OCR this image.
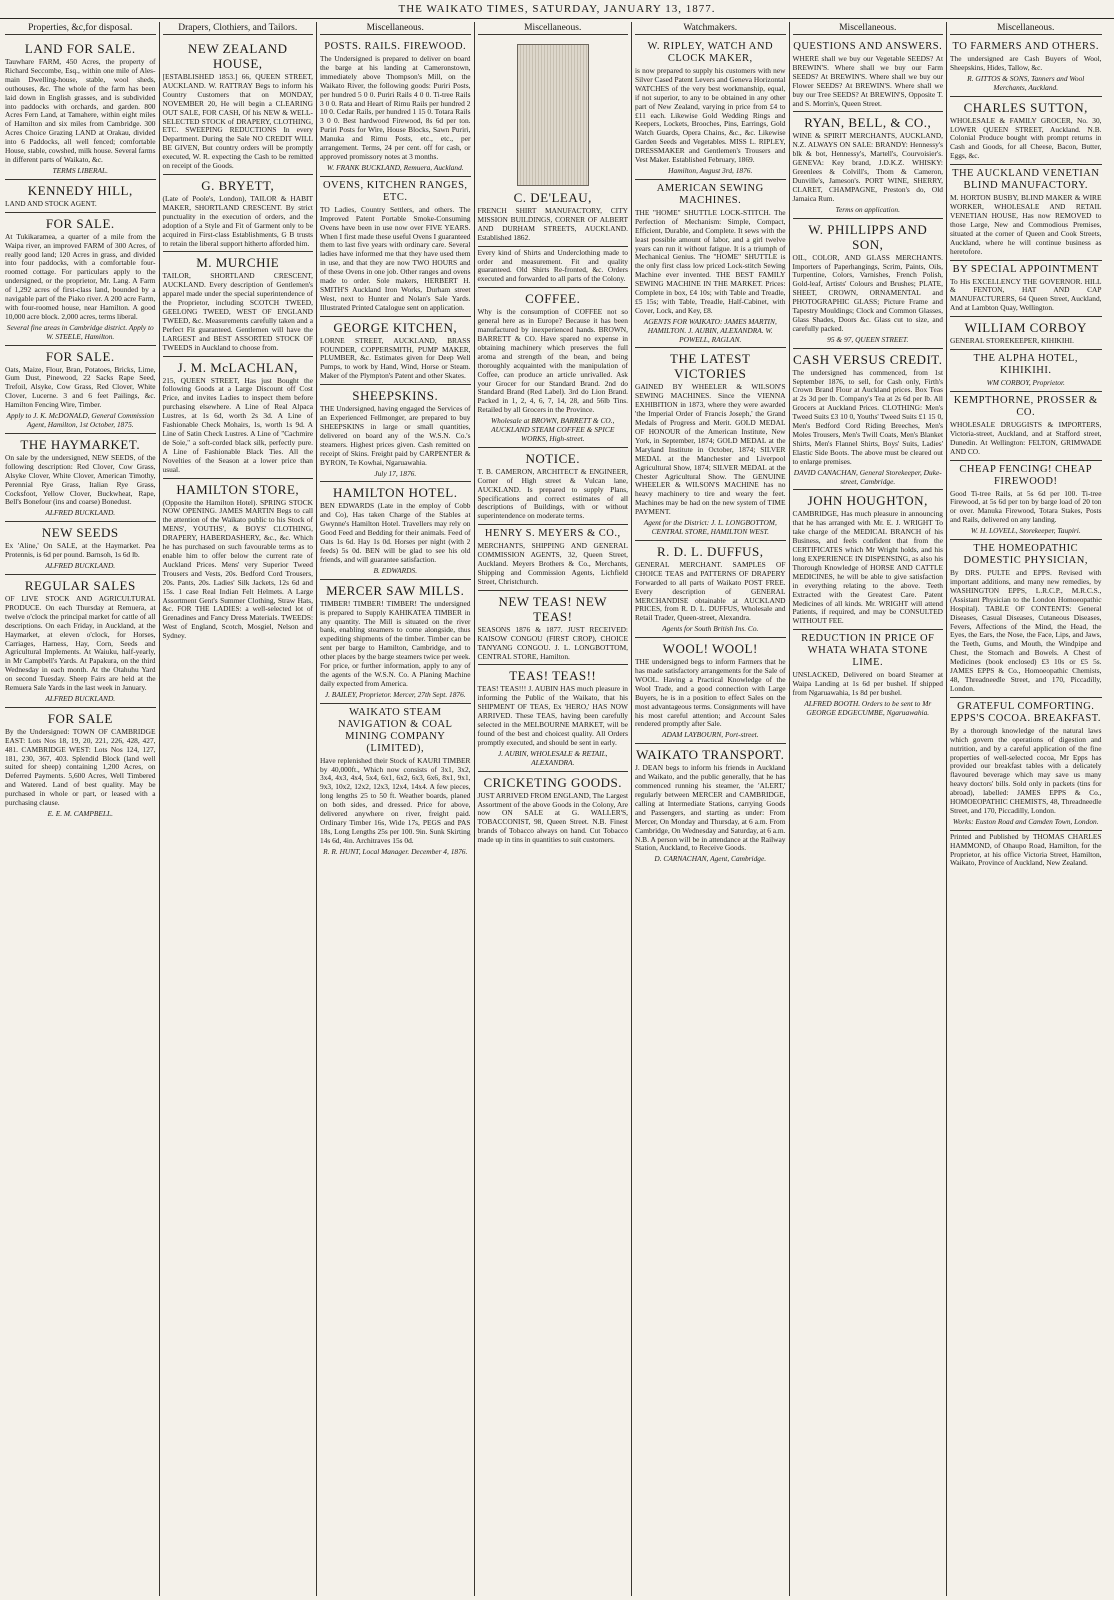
THE WAIKATO TIMES, SATURDAY, JANUARY 13, 1877.
Properties, &c,for disposal.

LAND FOR SALE.

Tauwhare FARM, 450 Acres, the property of Richard Seccombe, Esq., within one mile of Ales-main Dwelling-house, stable, wool sheds, outhouses, &c. The whole of the farm has been laid down in English grasses, and is subdivided into paddocks with orchards, and garden. 800 Acres Fern Land, at Tamahere, within eight miles of Hamilton and six miles from Cambridge. 300 Acres Choice Grazing LAND at Orakau, divided into 6 Paddocks, all well fenced; comfortable House, stable, cowshed, milk house. Several farms in different parts of Waikato, &c.

TERMS LIBERAL.

KENNEDY HILL,

LAND AND STOCK AGENT.

FOR SALE.

At Tukikaramea, a quarter of a mile from the Waipa river, an improved FARM of 300 Acres, of really good land; 120 Acres in grass, and divided into four paddocks, with a comfortable four-roomed cottage. For particulars apply to the undersigned, or the proprietor, Mr. Lang. A Farm of 1,292 acres of first-class land, bounded by a navigable part of the Piako river. A 200 acre Farm, with four-roomed house, near Hamilton. A good 10,000 acre block. 2,000 acres, terms liberal.

Several fine areas in Cambridge district. Apply to W. STEELE, Hamilton.

FOR SALE.

Oats, Maize, Flour, Bran, Potatoes, Bricks, Lime, Gum Dust, Pinewood, 22 Sacks Rape Seed, Trefoil, Alsyke, Cow Grass, Red Clover, White Clover, Lucerne. 3 and 6 feet Pailings, &c. Hamilton Fencing Wire, Timber.

Apply to J. K. McDONALD, General Commission Agent, Hamilton, 1st October, 1875.

THE HAYMARKET.

On sale by the undersigned, NEW SEEDS, of the following description: Red Clover, Cow Grass, Alsyke Clover, White Clover, American Timothy, Perennial Rye Grass, Italian Rye Grass, Cocksfoot, Yellow Clover, Buckwheat, Rape, Bell's Bonefour (ins and coarse) Bonedust.

ALFRED BUCKLAND.

NEW SEEDS

Ex 'Aline,' On SALE, at the Haymarket. Pea Protennis, is 6d per pound. Barnsoh, 1s 6d lb.

ALFRED BUCKLAND.

REGULAR SALES

OF LIVE STOCK AND AGRICULTURAL PRODUCE. On each Thursday at Remuera, at twelve o'clock the principal market for cattle of all descriptions. On each Friday, in Auckland, at the Haymarket, at eleven o'clock, for Horses, Carriages, Harness, Hay, Corn, Seeds and Agricultural Implements. At Waiuku, half-yearly, in Mr Campbell's Yards. At Papakura, on the third Wednesday in each month. At the Otahuhu Yard on second Tuesday. Sheep Fairs are held at the Remuera Sale Yards in the last week in January.

ALFRED BUCKLAND.

FOR SALE

By the Undersigned: TOWN OF CAMBRIDGE EAST: Lots Nos 18, 19, 20, 221, 226, 428, 427, 481. CAMBRIDGE WEST: Lots Nos 124, 127, 181, 230, 367, 403. Splendid Block (land well suited for sheep) containing 1,200 Acres, on Deferred Payments. 5,600 Acres, Well Timbered and Watered. Land of best quality. May be purchased in whole or part, or leased with a purchasing clause.

E. E. M. CAMPBELL.

Drapers, Clothiers, and Tailors.

NEW ZEALAND HOUSE,

[ESTABLISHED 1853.] 66, QUEEN STREET, AUCKLAND. W. RATTRAY Begs to inform his Country Customers that on MONDAY, NOVEMBER 20, He will begin a CLEARING OUT SALE, FOR CASH, Of his NEW & WELL-SELECTED STOCK of DRAPERY, CLOTHING, ETC. SWEEPING REDUCTIONS In every Department. During the Sale NO CREDIT WILL BE GIVEN, But country orders will be promptly executed, W. R. expecting the Cash to be remitted on receipt of the Goods.

G. BRYETT,

(Late of Poole's, London), TAILOR & HABIT MAKER, SHORTLAND CRESCENT. By strict punctuality in the execution of orders, and the adoption of a Style and Fit of Garment only to be acquired in First-class Establishments, G B trusts to retain the liberal support hitherto afforded him.

M. MURCHIE

TAILOR, SHORTLAND CRESCENT, AUCKLAND. Every description of Gentlemen's apparel made under the special superintendence of the Proprietor, including SCOTCH TWEED, GEELONG TWEED, WEST OF ENGLAND TWEED, &c. Measurements carefully taken and a Perfect Fit guaranteed. Gentlemen will have the LARGEST and BEST ASSORTED STOCK OF TWEEDS in Auckland to choose from.

J. M. McLACHLAN,

215, QUEEN STREET, Has just Bought the following Goods at a Large Discount off Cost Price, and invites Ladies to inspect them before purchasing elsewhere. A Line of Real Alpaca Lustres, at 1s 6d, worth 2s 3d. A Line of Fashionable Check Mohairs, 1s, worth 1s 9d. A Line of Satin Check Lustres. A Line of "Cachmire de Soie," a soft-corded black silk, perfectly pure. A Line of Fashionable Black Ties. All the Novelties of the Season at a lower price than usual.

HAMILTON STORE,

(Opposite the Hamilton Hotel). SPRING STOCK NOW OPENING. JAMES MARTIN Begs to call the attention of the Waikato public to his Stock of MENS', YOUTHS', & BOYS' CLOTHING, DRAPERY, HABERDASHERY, &c., &c. Which he has purchased on such favourable terms as to enable him to offer below the current rate of Auckland Prices. Mens' very Superior Tweed Trousers and Vests, 20s. Bedford Cord Trousers, 20s. Pants, 20s. Ladies' Silk Jackets, 12s 6d and 15s. 1 case Real Indian Felt Helmets. A Large Assortment Gent's Summer Clothing, Straw Hats, &c. FOR THE LADIES: a well-selected lot of Grenadines and Fancy Dress Materials. TWEEDS: West of England, Scotch, Mosgiel, Nelson and Sydney.

Miscellaneous.

POSTS. RAILS. FIREWOOD.

The Undersigned is prepared to deliver on board the barge at his landing at Cameronstown, immediately above Thompson's Mill, on the Waikato River, the following goods: Puriri Posts, per hundred 5 0 0. Puriri Rails 4 0 0. Ti-tree Rails 3 0 0. Rata and Heart of Rimu Rails per hundred 2 10 0. Cedar Rails, per hundred 1 15 0. Totara Rails 3 0 0. Best hardwood Firewood, 8s 6d per ton. Puriri Posts for Wire, House Blocks, Sawn Puriri, Manuka and Rimu Posts, etc., etc., per arrangement. Terms, 24 per cent. off for cash, or approved promissory notes at 3 months.

W. FRANK BUCKLAND, Remuera, Auckland.

OVENS, KITCHEN RANGES, ETC.

TO Ladies, Country Settlers, and others. The Improved Patent Portable Smoke-Consuming Ovens have been in use now over FIVE YEARS. When I first made these useful Ovens I guaranteed them to last five years with ordinary care. Several ladies have informed me that they have used them in use, and that they are now TWO HOURS and of these Ovens in one job. Other ranges and ovens made to order. Sole makers, HERBERT H. SMITH'S Auckland Iron Works, Durham street West, next to Hunter and Nolan's Sale Yards. Illustrated Printed Catalogue sent on application.

GEORGE KITCHEN,

LORNE STREET, AUCKLAND, BRASS FOUNDER, COPPERSMITH, PUMP MAKER, PLUMBER, &c. Estimates given for Deep Well Pumps, to work by Hand, Wind, Horse or Steam. Maker of the Plympton's Patent and other Skates.

SHEEPSKINS.

THE Undersigned, having engaged the Services of an Experienced Fellmonger, are prepared to buy SHEEPSKINS in large or small quantities, delivered on board any of the W.S.N. Co.'s steamers. Highest prices given. Cash remitted on receipt of Skins. Freight paid by CARPENTER & BYRON, Te Kowhai, Ngaruawahia.

July 17, 1876.

HAMILTON HOTEL.

BEN EDWARDS (Late in the employ of Cobb and Co), Has taken Charge of the Stables at Gwynne's Hamilton Hotel. Travellers may rely on Good Feed and Bedding for their animals. Feed of Oats 1s 6d. Hay 1s 0d. Horses per night (with 2 feeds) 5s 0d. BEN will be glad to see his old friends, and will guarantee satisfaction.

B. EDWARDS.

MERCER SAW MILLS.

TIMBER! TIMBER! TIMBER! The undersigned is prepared to Supply KAHIKATEA TIMBER in any quantity. The Mill is situated on the river bank, enabling steamers to come alongside, thus expediting shipments of the timber. Timber can be sent per barge to Hamilton, Cambridge, and to other places by the barge steamers twice per week. For price, or further information, apply to any of the agents of the W.S.N. Co. A Planing Machine daily expected from America.

J. BAILEY, Proprietor. Mercer, 27th Sept. 1876.

WAIKATO STEAM NAVIGATION & COAL MINING COMPANY (LIMITED),

Have replenished their Stock of KAURI TIMBER by 40,000ft., Which now consists of 3x1, 3x2, 3x4, 4x3, 4x4, 5x4, 6x1, 6x2, 6x3, 6x6, 8x1, 9x1, 9x3, 10x2, 12x2, 12x3, 12x4, 14x4. A few pieces, long lengths 25 to 50 ft. Weather boards, planed on both sides, and dressed. Price for above, delivered anywhere on river, freight paid. Ordinary Timber 16s, Wide 17s, PEGS and PAS 18s, Long Lengths 25s per 100. 9in. Sunk Skirting 14s 6d, 4in. Architraves 15s 0d.

R. R. HUNT, Local Manager. December 4, 1876.

Miscellaneous.

C. DE'LEAU,

FRENCH SHIRT MANUFACTORY, CITY MISSION BUILDINGS, CORNER OF ALBERT AND DURHAM STREETS, AUCKLAND. Established 1862.

Every kind of Shirts and Underclothing made to order and measurement. Fit and quality guaranteed. Old Shirts Re-fronted, &c. Orders executed and forwarded to all parts of the Colony.

COFFEE.

Why is the consumption of COFFEE not so general here as in Europe? Because it has been manufactured by inexperienced hands. BROWN, BARRETT & CO. Have spared no expense in obtaining machinery which preserves the full aroma and strength of the bean, and being thoroughly acquainted with the manipulation of Coffee, can produce an article unrivalled. Ask your Grocer for our Standard Brand. 2nd do Standard Brand (Red Label). 3rd do Lion Brand. Packed in 1, 2, 4, 6, 7, 14, 28, and 56lb Tins. Retailed by all Grocers in the Province.

Wholesale at BROWN, BARRETT & CO., AUCKLAND STEAM COFFEE & SPICE WORKS, High-street.

NOTICE.

T. B. CAMERON, ARCHITECT & ENGINEER, Corner of High street & Vulcan lane, AUCKLAND. Is prepared to supply Plans, Specifications and correct estimates of all descriptions of Buildings, with or without superintendence on moderate terms.

HENRY S. MEYERS & CO.,

MERCHANTS, SHIPPING AND GENERAL COMMISSION AGENTS, 32, Queen Street, Auckland. Meyers Brothers & Co., Merchants, Shipping and Commission Agents, Lichfield Street, Christchurch.

NEW TEAS! NEW TEAS!

SEASONS 1876 & 1877. JUST RECEIVED: KAISOW CONGOU (FIRST CROP), CHOICE TANYANG CONGOU. J. L. LONGBOTTOM, CENTRAL STORE, Hamilton.

TEAS! TEAS!!

TEAS! TEAS!!! J. AUBIN HAS much pleasure in informing the Public of the Waikato, that his SHIPMENT OF TEAS, Ex 'HERO,' HAS NOW ARRIVED. These TEAS, having been carefully selected in the MELBOURNE MARKET, will be found of the best and choicest quality. All Orders promptly executed, and should be sent in early.

J. AUBIN, WHOLESALE & RETAIL, ALEXANDRA.

CRICKETING GOODS.

JUST ARRIVED FROM ENGLAND, The Largest Assortment of the above Goods in the Colony, Are now ON SALE at G. WALLER'S, TOBACCONIST, 98, Queen Street. N.B. Finest brands of Tobacco always on hand. Cut Tobacco made up in tins in quantities to suit customers.

Watchmakers.

W. RIPLEY, WATCH AND CLOCK MAKER,

is now prepared to supply his customers with new Silver Cased Patent Levers and Geneva Horizontal WATCHES of the very best workmanship, equal, if not superior, to any to be obtained in any other part of New Zealand, varying in price from £4 to £11 each. Likewise Gold Wedding Rings and Keepers, Lockets, Brooches, Pins, Earrings, Gold Watch Guards, Opera Chains, &c., &c. Likewise Garden Seeds and Vegetables. MISS L. RIPLEY, DRESSMAKER and Gentlemen's Trousers and Vest Maker. Established February, 1869.

Hamilton, August 3rd, 1876.

AMERICAN SEWING MACHINES.

THE "HOME" SHUTTLE LOCK-STITCH. The Perfection of Mechanism: Simple, Compact, Efficient, Durable, and Complete. It sews with the least possible amount of labor, and a girl twelve years can run it without fatigue. It is a triumph of Mechanical Genius. The "HOME" SHUTTLE is the only first class low priced Lock-stitch Sewing Machine ever invented. THE BEST FAMILY SEWING MACHINE IN THE MARKET. Prices: Complete in box, £4 10s; with Table and Treadle, £5 15s; with Table, Treadle, Half-Cabinet, with Cover, Lock, and Key, £8.

AGENTS FOR WAIKATO: JAMES MARTIN, HAMILTON. J. AUBIN, ALEXANDRA. W. POWELL, RAGLAN.

THE LATEST VICTORIES

GAINED BY WHEELER & WILSON'S SEWING MACHINES. Since the VIENNA EXHIBITION in 1873, where they were awarded 'the Imperial Order of Francis Joseph,' the Grand Medals of Progress and Merit. GOLD MEDAL OF HONOUR of the American Institute, New York, in September, 1874; GOLD MEDAL at the Maryland Institute in October, 1874; SILVER MEDAL at the Manchester and Liverpool Agricultural Show, 1874; SILVER MEDAL at the Chester Agricultural Show. The GENUINE WHEELER & WILSON'S MACHINE has no heavy machinery to tire and weary the feet. Machines may be had on the new system of TIME PAYMENT.

Agent for the District: J. L. LONGBOTTOM, CENTRAL STORE, HAMILTON WEST.

R. D. L. DUFFUS,

GENERAL MERCHANT. SAMPLES OF CHOICE TEAS and PATTERNS OF DRAPERY Forwarded to all parts of Waikato POST FREE. Every description of GENERAL MERCHANDISE obtainable at AUCKLAND PRICES, from R. D. L. DUFFUS, Wholesale and Retail Trader, Queen-street, Alexandra.

Agents for South British Ins. Co.

WOOL! WOOL!

THE undersigned begs to inform Farmers that he has made satisfactory arrangements for the Sale of WOOL. Having a Practical Knowledge of the Wool Trade, and a good connection with Large Buyers, he is in a position to effect Sales on the most advantageous terms. Consignments will have his most careful attention; and Account Sales rendered promptly after Sale.

ADAM LAYBOURN, Port-street.

WAIKATO TRANSPORT.

J. DEAN begs to inform his friends in Auckland and Waikato, and the public generally, that he has commenced running his steamer, the 'ALERT,' regularly between MERCER and CAMBRIDGE, calling at Intermediate Stations, carrying Goods and Passengers, and starting as under: From Mercer, On Monday and Thursday, at 6 a.m. From Cambridge, On Wednesday and Saturday, at 6 a.m. N.B. A person will be in attendance at the Railway Station, Auckland, to Receive Goods.

D. CARNACHAN, Agent, Cambridge.

Miscellaneous.

QUESTIONS AND ANSWERS.

WHERE shall we buy our Vegetable SEEDS? At BREWIN'S. Where shall we buy our Farm SEEDS? At BREWIN'S. Where shall we buy our Flower SEEDS? At BREWIN'S. Where shall we buy our Tree SEEDS? At BREWIN'S, Opposite T. and S. Morrin's, Queen Street.

RYAN, BELL, & CO.,

WINE & SPIRIT MERCHANTS, AUCKLAND, N.Z. ALWAYS ON SALE: BRANDY: Hennessy's blk & bot, Hennessy's, Martell's, Courvoisier's. GENEVA: Key brand, J.D.K.Z. WHISKY: Greenlees & Colvill's, Thom & Cameron, Dunville's, Jameson's. PORT WINE, SHERRY, CLARET, CHAMPAGNE, Preston's do, Old Jamaica Rum.

Terms on application.

W. PHILLIPPS AND SON,

OIL, COLOR, AND GLASS MERCHANTS. Importers of Paperhangings, Scrim, Paints, Oils, Turpentine, Colors, Varnishes, French Polish, Gold-leaf, Artists' Colours and Brushes; PLATE, SHEET, CROWN, ORNAMENTAL and PHOTOGRAPHIC GLASS; Picture Frame and Tapestry Mouldings; Clock and Common Glasses, Glass Shades, Doors &c. Glass cut to size, and carefully packed.

95 & 97, QUEEN STREET.

CASH VERSUS CREDIT.

The undersigned has commenced, from 1st September 1876, to sell, for Cash only, Firth's Crown Brand Flour at Auckland prices. Box Teas at 2s 3d per lb. Company's Tea at 2s 6d per lb. All Grocers at Auckland Prices. CLOTHING: Men's Tweed Suits £3 10 0, Youths' Tweed Suits £1 15 0, Men's Bedford Cord Riding Breeches, Men's Moles Trousers, Men's Twill Coats, Men's Blanket Shirts, Men's Flannel Shirts, Boys' Suits, Ladies' Elastic Side Boots. The above must be cleared out to enlarge premises.

DAVID CANACHAN, General Storekeeper, Duke-street, Cambridge.

JOHN HOUGHTON,

CAMBRIDGE, Has much pleasure in announcing that he has arranged with Mr. E. J. WRIGHT To take charge of the MEDICAL BRANCH of his Business, and feels confident that from the CERTIFICATES which Mr Wright holds, and his long EXPERIENCE IN DISPENSING, as also his Thorough Knowledge of HORSE AND CATTLE MEDICINES, he will be able to give satisfaction in everything relating to the above. Teeth Extracted with the Greatest Care. Patent Medicines of all kinds. Mr. WRIGHT will attend Patients, if required, and may be CONSULTED WITHOUT FEE.

REDUCTION IN PRICE OF WHATA WHATA STONE LIME.

UNSLACKED, Delivered on board Steamer at Waipa Landing at 1s 6d per bushel. If shipped from Ngaruawahia, 1s 8d per bushel.

ALFRED BOOTH. Orders to be sent to Mr GEORGE EDGECUMBE, Ngaruawahia.

Miscellaneous.

TO FARMERS AND OTHERS.

The undersigned are Cash Buyers of Wool, Sheepskins, Hides, Tallow, &c.

R. GITTOS & SONS, Tanners and Wool Merchants, Auckland.

CHARLES SUTTON,

WHOLESALE & FAMILY GROCER, No. 30, LOWER QUEEN STREET, Auckland. N.B. Colonial Produce bought with prompt returns in Cash and Goods, for all Cheese, Bacon, Butter, Eggs, &c.

THE AUCKLAND VENETIAN BLIND MANUFACTORY.

M. HORTON BUSBY, BLIND MAKER & WIRE WORKER, WHOLESALE AND RETAIL VENETIAN HOUSE, Has now REMOVED to those Large, New and Commodious Premises, situated at the corner of Queen and Cook Streets, Auckland, where he will continue business as heretofore.

BY SPECIAL APPOINTMENT

To His EXCELLENCY THE GOVERNOR. HILL & FENTON, HAT AND CAP MANUFACTURERS, 64 Queen Street, Auckland, And at Lambton Quay, Wellington.

WILLIAM CORBOY

GENERAL STOREKEEPER, KIHIKIHI.

THE ALPHA HOTEL, KIHIKIHI.

WM CORBOY, Proprietor.

KEMPTHORNE, PROSSER & CO.

WHOLESALE DRUGGISTS & IMPORTERS, Victoria-street, Auckland, and at Stafford street, Dunedin. At Wellington: FELTON, GRIMWADE AND CO.

CHEAP FENCING! CHEAP FIREWOOD!

Good Ti-tree Rails, at 5s 6d per 100. Ti-tree Firewood, at 5s 6d per ton by barge load of 20 ton or over. Manuka Firewood, Totara Stakes, Posts and Rails, delivered on any landing.

W. H. LOVELL, Storekeeper, Taupiri.

THE HOMEOPATHIC DOMESTIC PHYSICIAN,

By DRS. PULTE and EPPS. Revised with important additions, and many new remedies, by WASHINGTON EPPS, L.R.C.P., M.R.C.S., (Assistant Physician to the London Homoeopathic Hospital). TABLE OF CONTENTS: General Diseases, Casual Diseases, Cutaneous Diseases, Fevers, Affections of the Mind, the Head, the Eyes, the Ears, the Nose, the Face, Lips, and Jaws, the Teeth, Gums, and Mouth, the Windpipe and Chest, the Stomach and Bowels. A Chest of Medicines (book enclosed) £3 10s or £5 5s. JAMES EPPS & Co., Homoeopathic Chemists, 48, Threadneedle Street, and 170, Piccadilly, London.

GRATEFUL COMFORTING. EPPS'S COCOA. BREAKFAST.

By a thorough knowledge of the natural laws which govern the operations of digestion and nutrition, and by a careful application of the fine properties of well-selected cocoa, Mr Epps has provided our breakfast tables with a delicately flavoured beverage which may save us many heavy doctors' bills. Sold only in packets (tins for abroad), labelled: JAMES EPPS & Co., HOMOEOPATHIC CHEMISTS, 48, Threadneedle Street, and 170, Piccadilly, London.

Works: Euston Road and Camden Town, London.

Printed and Published by THOMAS CHARLES HAMMOND, of Ohaupo Road, Hamilton, for the Proprietor, at his office Victoria Street, Hamilton, Waikato, Province of Auckland, New Zealand.
